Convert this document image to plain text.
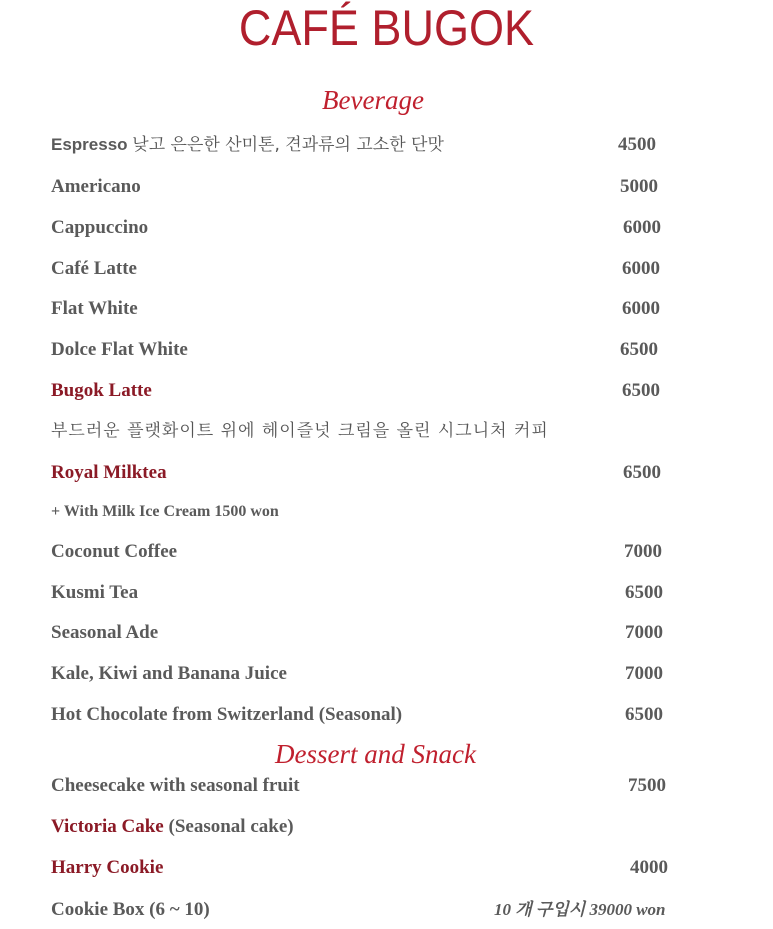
CAFÉ BUGOK
Beverage
Espresso 낮고 은은한 산미톤, 견과류의 고소한 단맛	4500
Americano	5000
Cappuccino	6000
Café Latte	6000
Flat White	6000
Dolce Flat White	6500
Bugok Latte	6500
부드러운 플랫화이트 위에 헤이즐넛 크림을 올린 시그니처 커피
Royal Milktea	6500
+ With Milk Ice Cream 1500 won
Coconut Coffee	7000
Kusmi Tea	6500
Seasonal Ade	7000
Kale, Kiwi and Banana Juice	7000
Hot Chocolate from Switzerland (Seasonal)	6500
Dessert and Snack
Cheesecake with seasonal fruit	7500
Victoria Cake (Seasonal cake)
Harry Cookie	4000
Cookie Box (6 ~ 10)	10 개 구입시 39000 won
